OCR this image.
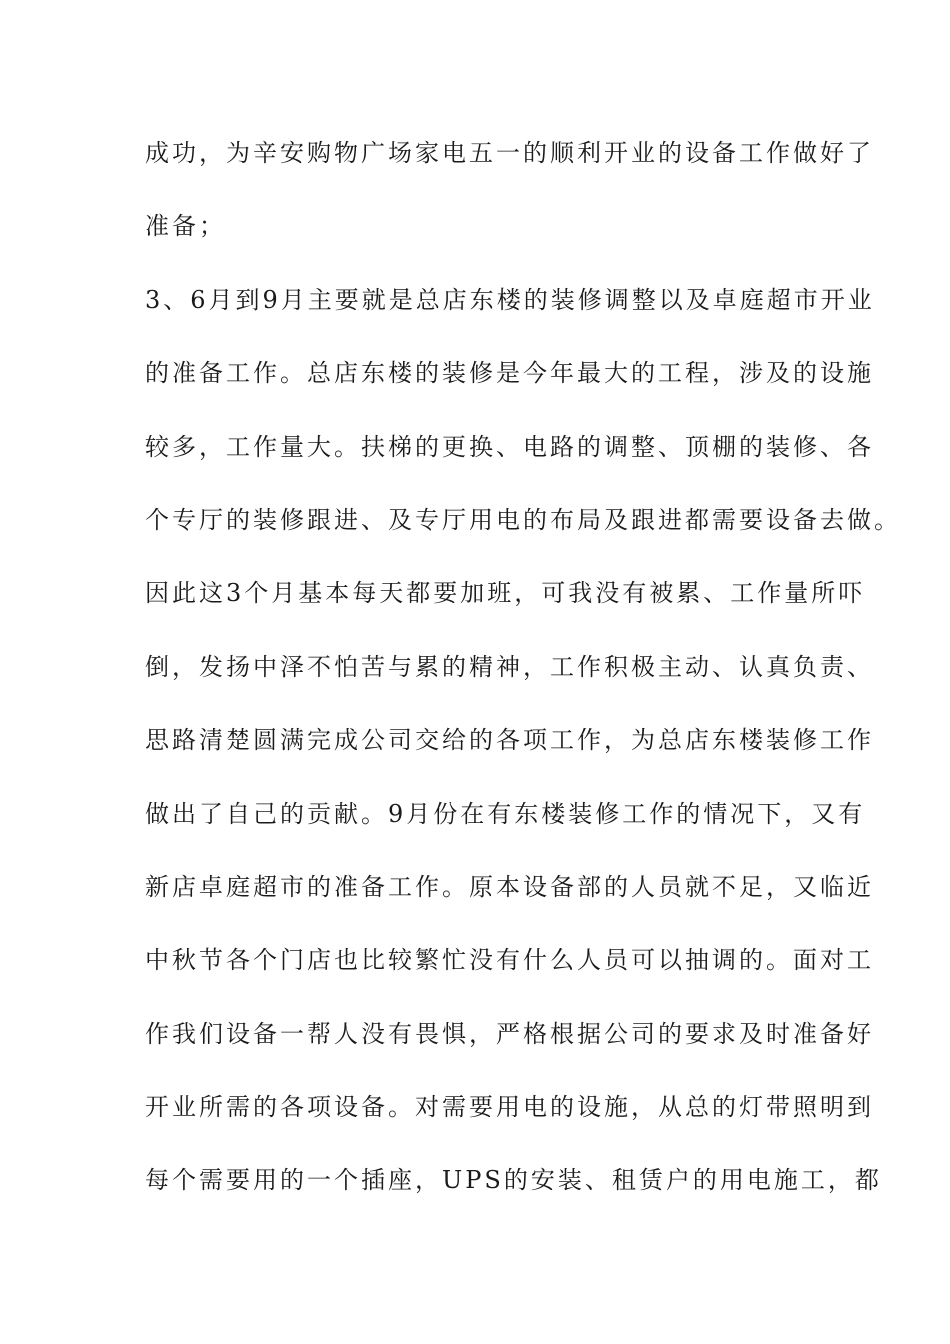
成功，为辛安购物广场家电五一的顺利开业的设备工作做好了
准备；
3、6月到9月主要就是总店东楼的装修调整以及卓庭超市开业
的准备工作。总店东楼的装修是今年最大的工程，涉及的设施
较多，工作量大。扶梯的更换、电路的调整、顶棚的装修、各
个专厅的装修跟进、及专厅用电的布局及跟进都需要设备去做。
因此这3个月基本每天都要加班，可我没有被累、工作量所吓
倒，发扬中泽不怕苦与累的精神，工作积极主动、认真负责、
思路清楚圆满完成公司交给的各项工作，为总店东楼装修工作
做出了自己的贡献。9月份在有东楼装修工作的情况下，又有
新店卓庭超市的准备工作。原本设备部的人员就不足，又临近
中秋节各个门店也比较繁忙没有什么人员可以抽调的。面对工
作我们设备一帮人没有畏惧，严格根据公司的要求及时准备好
开业所需的各项设备。对需要用电的设施，从总的灯带照明到
每个需要用的一个插座，UPS的安装、租赁户的用电施工，都
